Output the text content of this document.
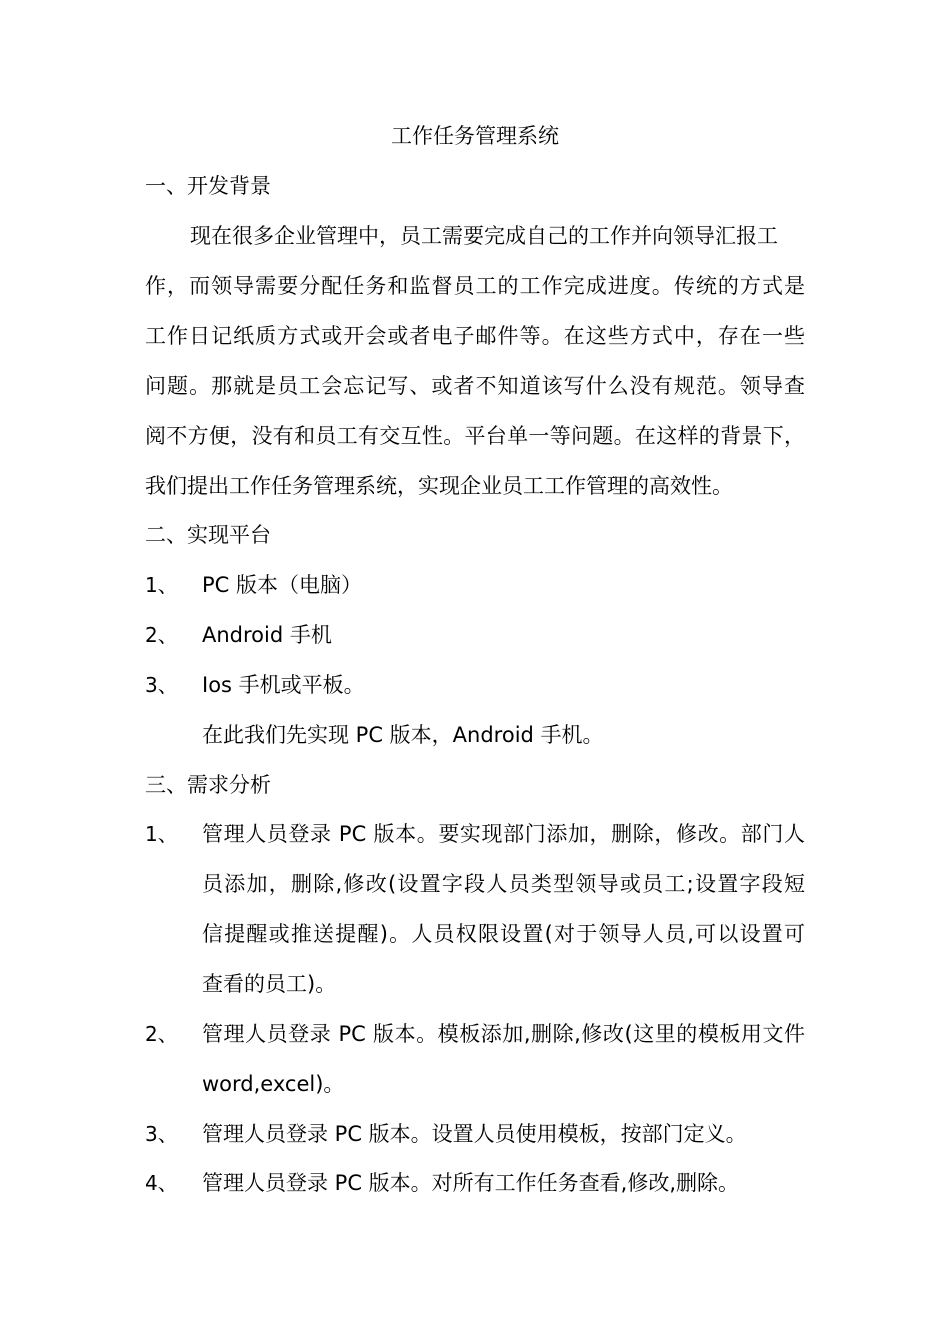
工作任务管理系统
一、开发背景
现在很多企业管理中，员工需要完成自己的工作并向领导汇报工
作，而领导需要分配任务和监督员工的工作完成进度。传统的方式是
工作日记纸质方式或开会或者电子邮件等。在这些方式中，存在一些
问题。那就是员工会忘记写、或者不知道该写什么没有规范。领导查
阅不方便，没有和员工有交互性。平台单一等问题。在这样的背景下，
我们提出工作任务管理系统，实现企业员工工作管理的高效性。
二、实现平台
1、 PC 版本（电脑）
2、 Android 手机
3、 Ios 手机或平板。
在此我们先实现 PC 版本，Android 手机。
三、需求分析
1、 管理人员登录 PC 版本。要实现部门添加，删除，修改。部门人
员添加，删除,修改(设置字段人员类型领导或员工;设置字段短
信提醒或推送提醒)。人员权限设置(对于领导人员,可以设置可
查看的员工)。
2、 管理人员登录 PC 版本。模板添加,删除,修改(这里的模板用文件
word,excel)。
3、 管理人员登录 PC 版本。设置人员使用模板，按部门定义。
4、 管理人员登录 PC 版本。对所有工作任务查看,修改,删除。
